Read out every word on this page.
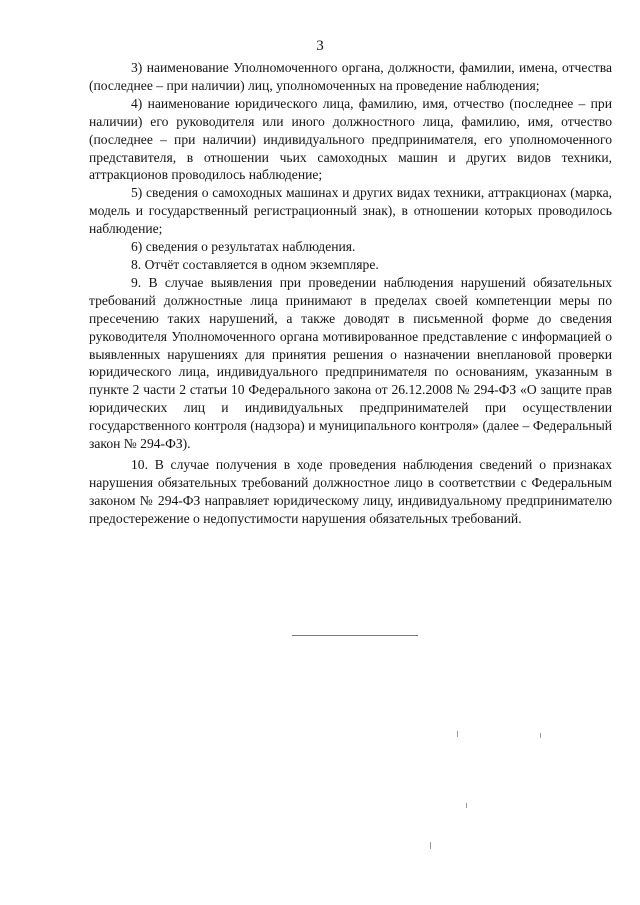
3

3) наименование Уполномоченного органа, должности, фамилии, имена, отчества (последнее – при наличии) лиц, уполномоченных на проведение наблюдения;

4) наименование юридического лица, фамилию, имя, отчество (последнее – при наличии) его руководителя или иного должностного лица, фамилию, имя, отчество (последнее – при наличии) индивидуального предпринимателя, его уполномоченного представителя, в отношении чьих самоходных машин и других видов техники, аттракционов проводилось наблюдение;

5) сведения о самоходных машинах и других видах техники, аттракционах (марка, модель и государственный регистрационный знак), в отношении которых проводилось наблюдение;

6) сведения о результатах наблюдения.

8. Отчёт составляется в одном экземпляре.

9. В случае выявления при проведении наблюдения нарушений обязательных требований должностные лица принимают в пределах своей компетенции меры по пресечению таких нарушений, а также доводят в письменной форме до сведения руководителя Уполномоченного органа мотивированное представление с информацией о выявленных нарушениях для принятия решения о назначении внеплановой проверки юридического лица, индивидуального предпринимателя по основаниям, указанным в пункте 2 части 2 статьи 10 Федерального закона от 26.12.2008 № 294-ФЗ «О защите прав юридических лиц и индивидуальных предпринимателей при осуществлении государственного контроля (надзора) и муниципального контроля» (далее – Федеральный закон № 294-ФЗ).

10. В случае получения в ходе проведения наблюдения сведений о признаках нарушения обязательных требований должностное лицо в соответствии с Федеральным законом № 294-ФЗ направляет юридическому лицу, индивидуальному предпринимателю предостережение о недопустимости нарушения обязательных требований.
